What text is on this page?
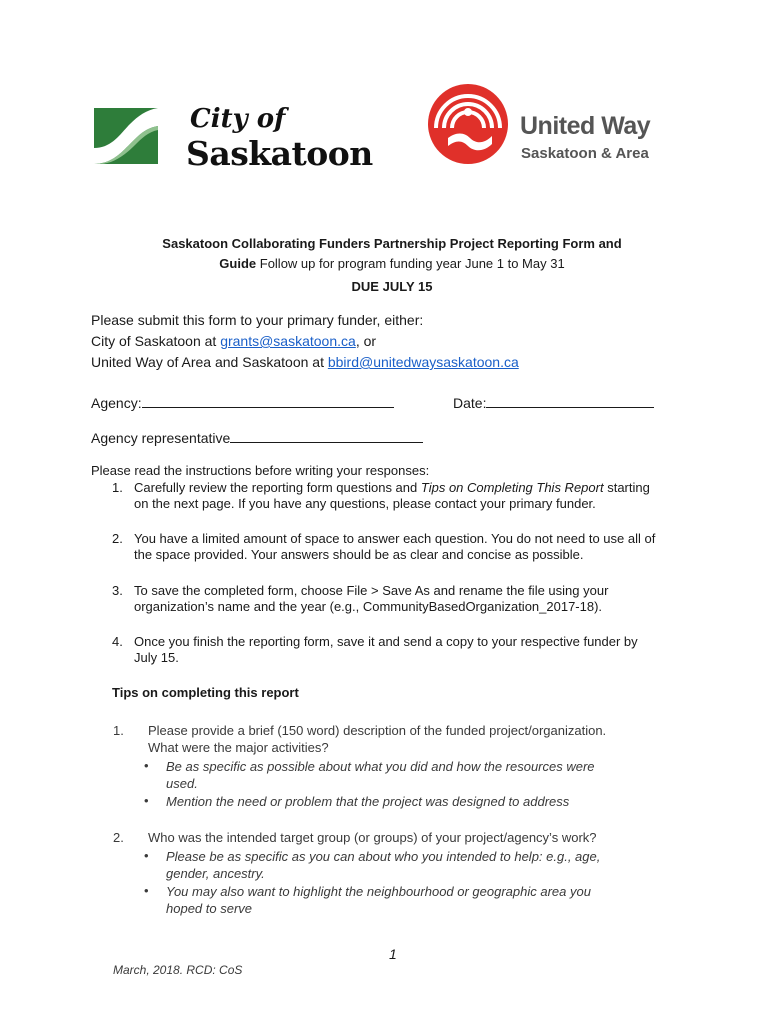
City of
Saskatoon
United Way
Saskatoon & Area
Saskatoon Collaborating Funders Partnership Project Reporting Form and
Guide Follow up for program funding year June 1 to May 31
DUE JULY 15
Please submit this form to your primary funder, either:
City of Saskatoon at grants@saskatoon.ca, or
United Way of Area and Saskatoon at bbird@unitedwaysaskatoon.ca
Agency:	Date:
Agency representative
Please read the instructions before writing your responses:
1. Carefully review the reporting form questions and Tips on Completing This Report starting
on the next page. If you have any questions, please contact your primary funder.
2. You have a limited amount of space to answer each question. You do not need to use all of
the space provided. Your answers should be as clear and concise as possible.
3. To save the completed form, choose File > Save As and rename the file using your
organization’s name and the year (e.g., CommunityBasedOrganization_2017-18).
4. Once you finish the reporting form, save it and send a copy to your respective funder by
July 15.
Tips on completing this report
1. Please provide a brief (150 word) description of the funded project/organization.
What were the major activities?
• Be as specific as possible about what you did and how the resources were
used.
• Mention the need or problem that the project was designed to address
2. Who was the intended target group (or groups) of your project/agency’s work?
• Please be as specific as you can about who you intended to help: e.g., age,
gender, ancestry.
• You may also want to highlight the neighbourhood or geographic area you
hoped to serve
1
March, 2018. RCD: CoS
